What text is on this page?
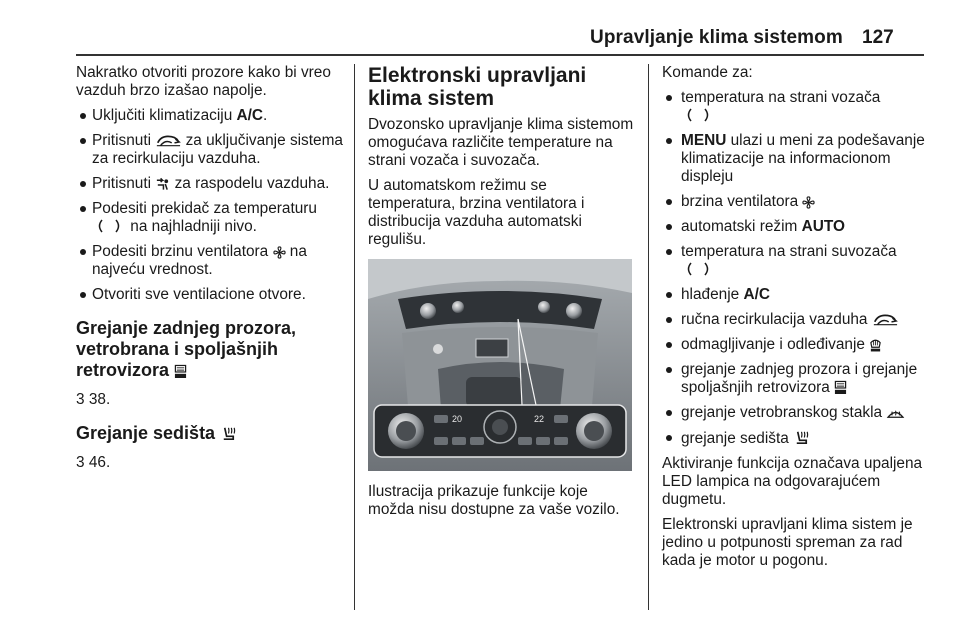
Upravljanje klima sistemom 127

Nakratko otvoriti prozore kako bi vreo vazduh brzo izašao napolje.

Uključiti klimatizaciju A/C.
Pritisnuti
za uključivanje sistema za recirkulaciju vazduha.
Pritisnuti
za raspodelu vazduha.
Podesiti prekidač za temperaturu
na najhladniji nivo.
Podesiti brzinu ventilatora
na najveću vrednost.
Otvoriti sve ventilacione otvore.
Grejanje zadnjeg prozora, vetrobrana i spoljašnjih retrovizora

3 38.

Grejanje sedišta

3 46.

Elektronski upravljani klima sistem

Dvozonsko upravljanje klima sistemom omogućava različite temperature na strani vozača i suvozača.

U automatskom režimu se temperatura, brzina ventilatora i distribucija vazduha automatski regulišu.

20	22

Ilustracija prikazuje funkcije koje možda nisu dostupne za vaše vozilo.

Komande za:

temperatura na strani vozača

MENU ulazi u meni za podešavanje klimatizacije na informacionom displeju
brzina ventilatora
automatski režim AUTO
temperatura na strani suvozača

hlađenje A/C
ručna recirkulacija vazduha
odmagljivanje i odleđivanje
grejanje zadnjeg prozora i grejanje spoljašnjih retrovizora
grejanje vetrobranskog stakla
grejanje sedišta

Aktiviranje funkcija označava upaljena LED lampica na odgovarajućem dugmetu.

Elektronski upravljani klima sistem je jedino u potpunosti spreman za rad kada je motor u pogonu.
